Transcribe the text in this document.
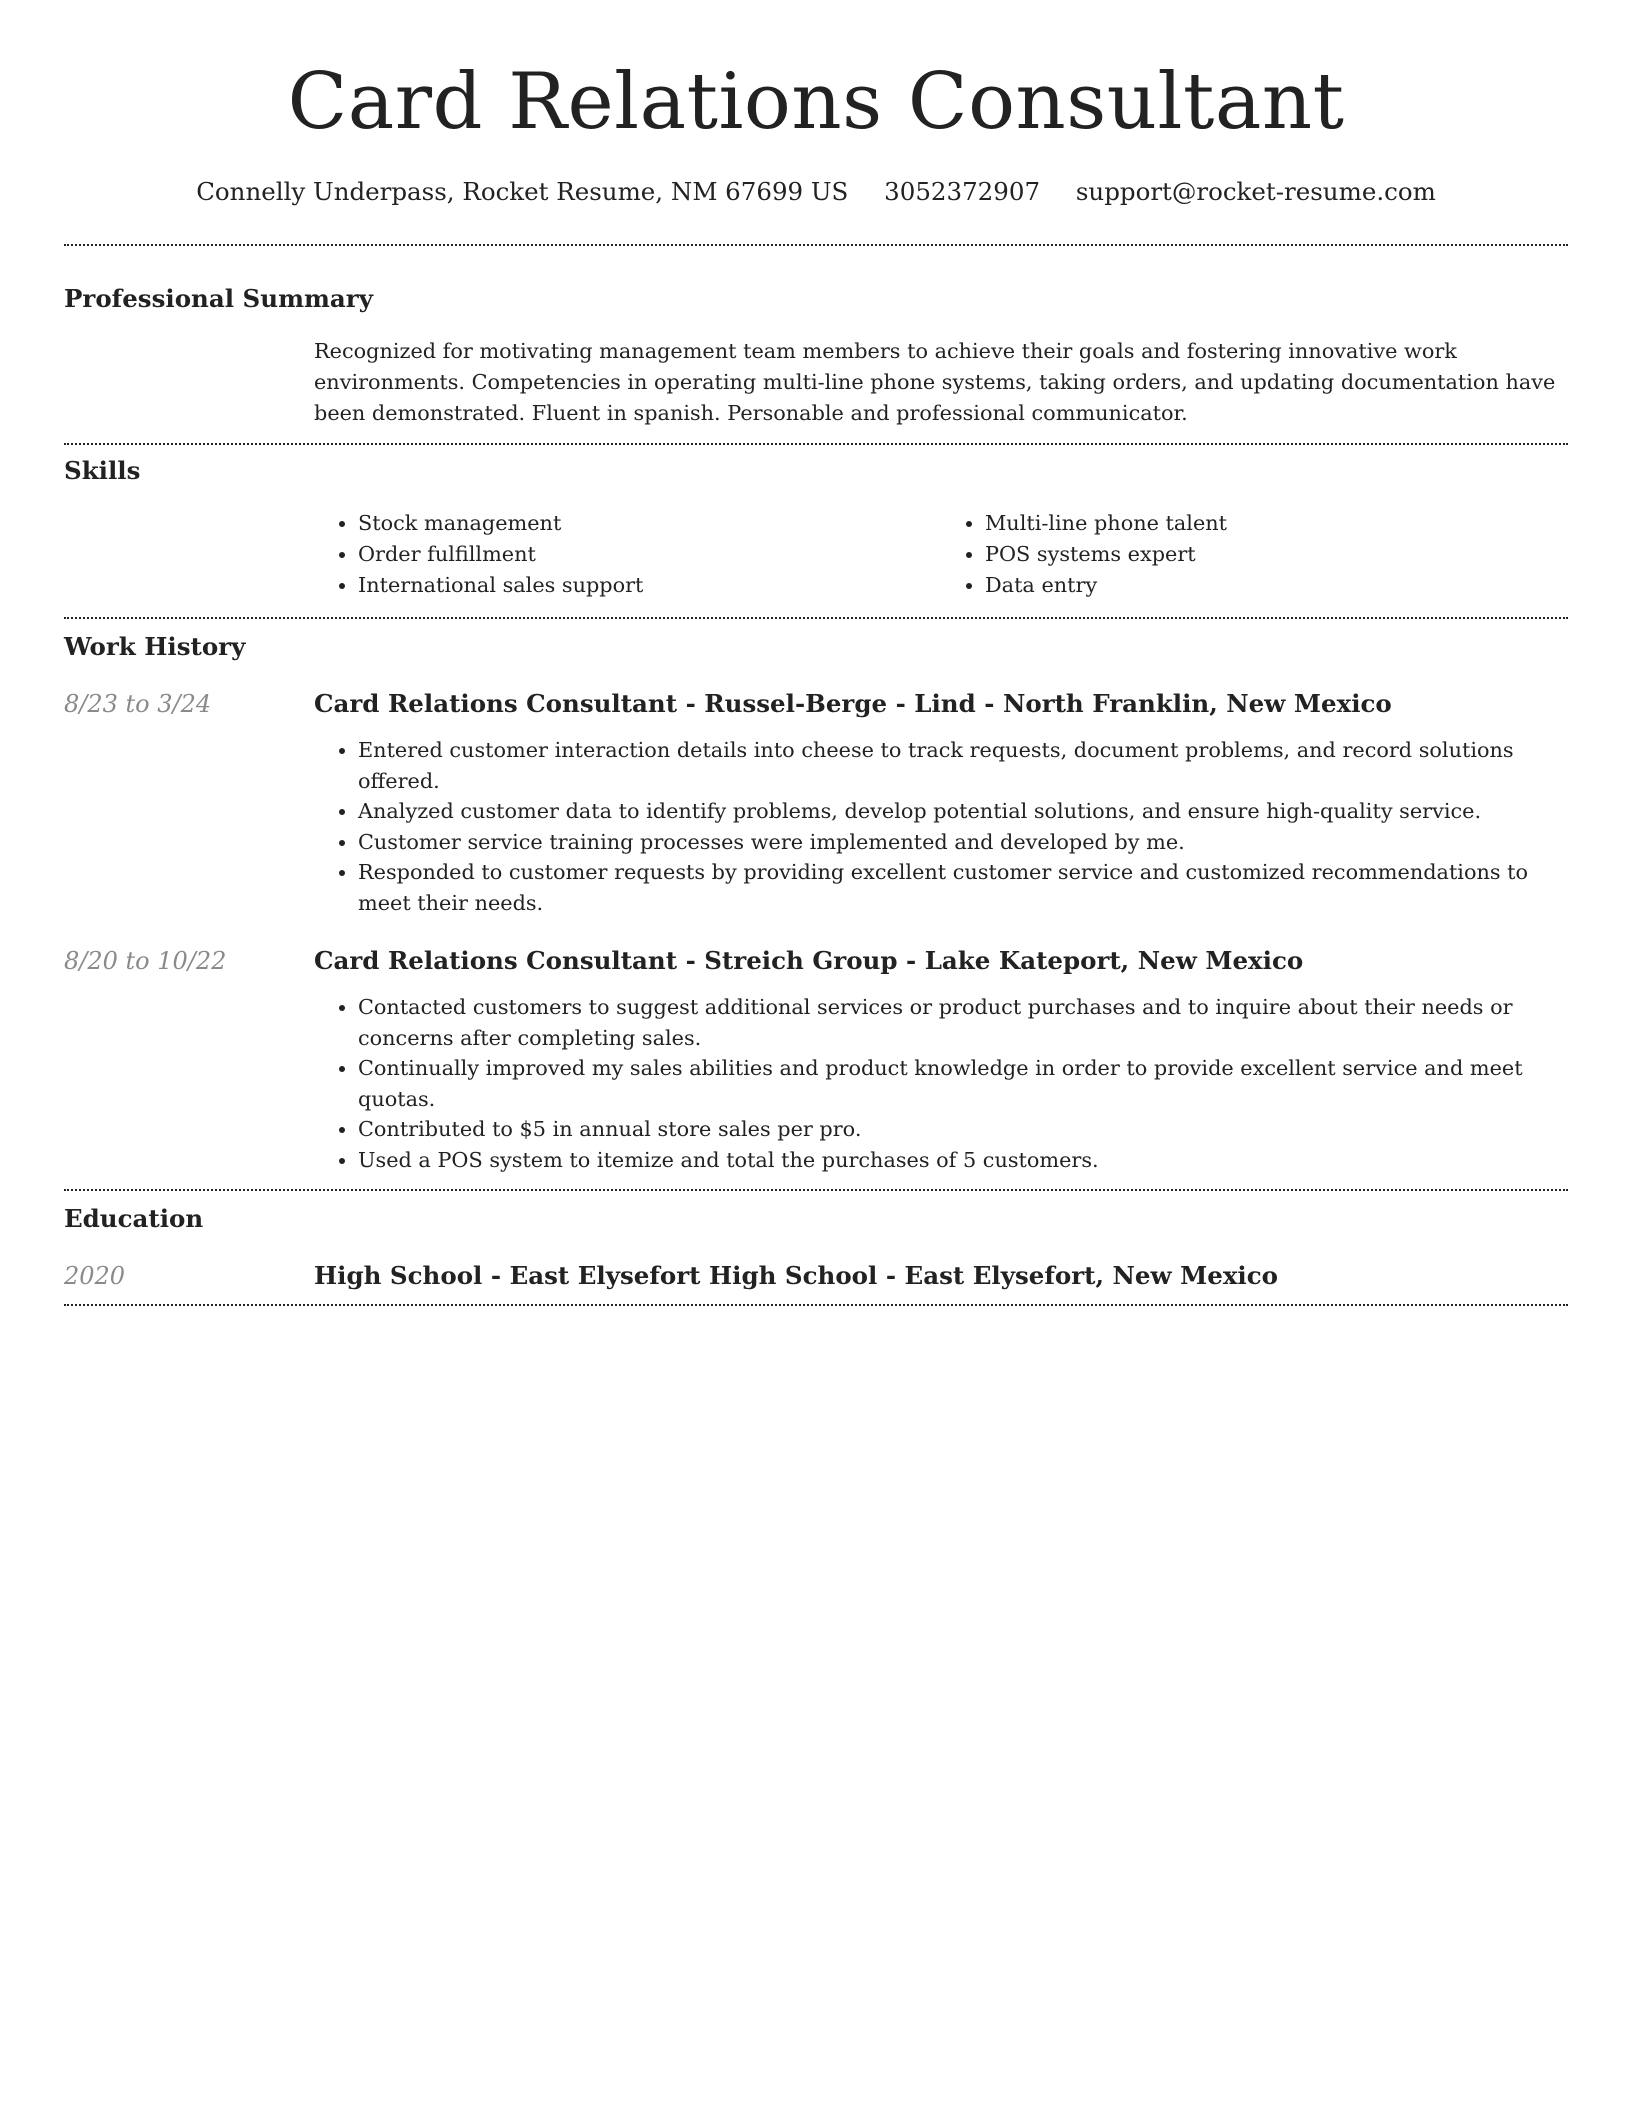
Card Relations Consultant
Connelly Underpass, Rocket Resume, NM 67699 US 3052372907 support@rocket-resume.com
Professional Summary

Recognized for motivating management team members to achieve their goals and fostering innovative work environments. Competencies in operating multi-line phone systems, taking orders, and updating documentation have been demonstrated. Fluent in spanish. Personable and professional communicator.

Skills
• Stock management
• Order fulfillment
• International sales support
• Multi-line phone talent
• POS systems expert
• Data entry
Work History
8/23 to 3/24	Card Relations Consultant - Russel-Berge - Lind - North Franklin, New Mexico
• Entered customer interaction details into cheese to track requests, document problems, and record solutions offered.
• Analyzed customer data to identify problems, develop potential solutions, and ensure high-quality service.
• Customer service training processes were implemented and developed by me.
• Responded to customer requests by providing excellent customer service and customized recommendations to meet their needs.
8/20 to 10/22	Card Relations Consultant - Streich Group - Lake Kateport, New Mexico
• Contacted customers to suggest additional services or product purchases and to inquire about their needs or concerns after completing sales.
• Continually improved my sales abilities and product knowledge in order to provide excellent service and meet quotas.
• Contributed to $5 in annual store sales per pro.
• Used a POS system to itemize and total the purchases of 5 customers.
Education
2020	High School - East Elysefort High School - East Elysefort, New Mexico
